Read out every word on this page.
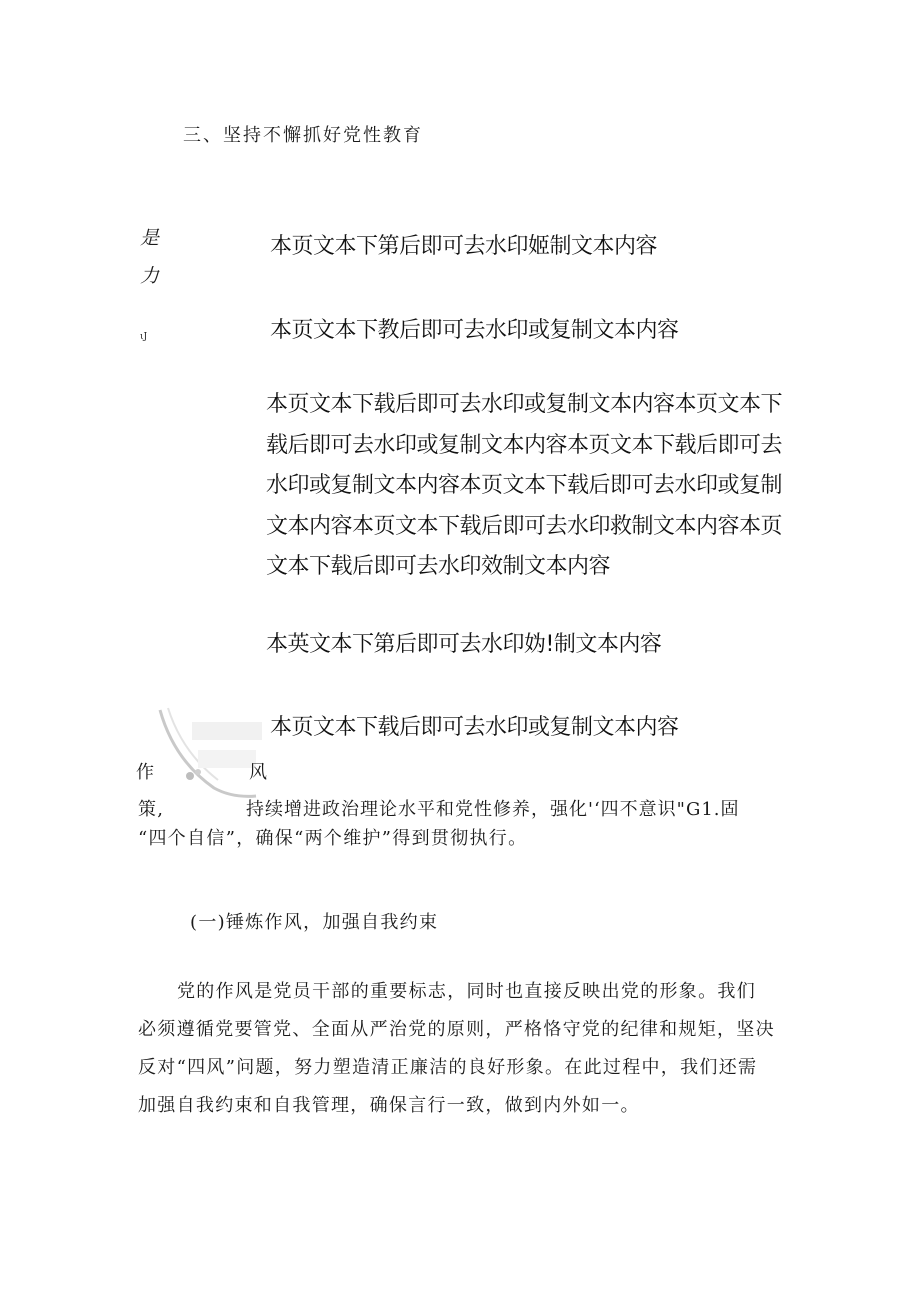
三、坚持不懈抓好党性教育
是
力
ιJ
本页文本下第后即可去水印姬制文本内容
本页文本下教后即可去水印或复制文本内容
本页文本下载后即可去水印或复制文本内容本页文本下
载后即可去水印或复制文本内容本页文本下载后即可去
水印或复制文本内容本页文本下载后即可去水印或复制
文本内容本页文本下载后即可去水印救制文本内容本页
文本下载后即可去水印效制文本内容
本英文本下第后即可去水印妫!制文本内容
本页文本下载后即可去水印或复制文本内容
作	风
策,	持续增进政治理论水平和党性修养，强化'‘四不意识"G1.固
“四个自信”，确保“两个维护”得到贯彻执行。
(一)锤炼作风，加强自我约束
党的作风是党员干部的重要标志，同时也直接反映出党的形象。我们
必须遵循党要管党、全面从严治党的原则，严格恪守党的纪律和规矩，坚决
反对“四风”问题，努力塑造清正廉洁的良好形象。在此过程中，我们还需
加强自我约束和自我管理，确保言行一致，做到内外如一。
